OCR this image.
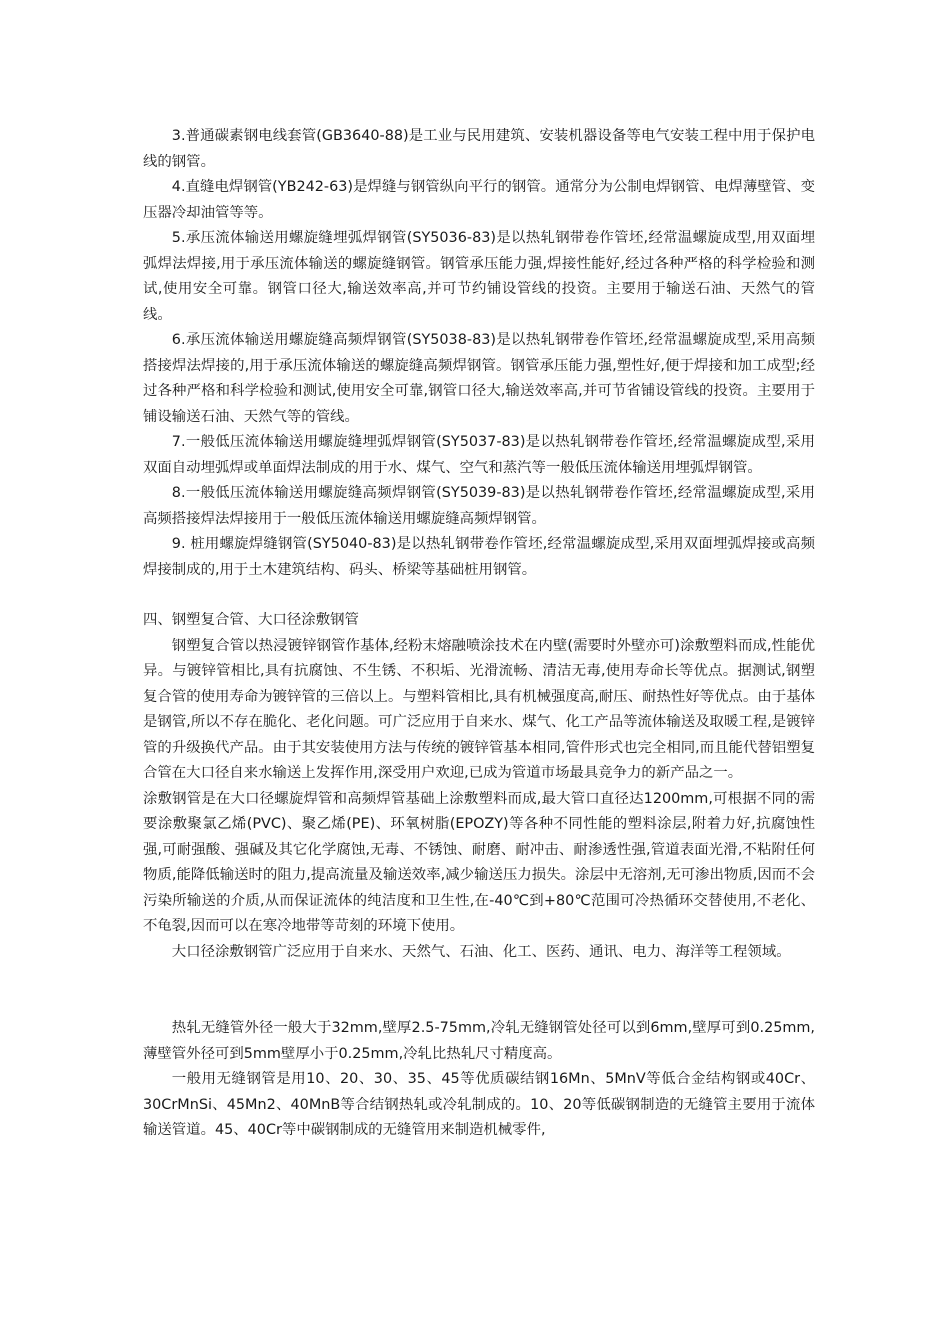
3.普通碳素钢电线套管(GB3640-88)是工业与民用建筑、安装机器设备等电气安装工程中用于保护电线的钢管。

4.直缝电焊钢管(YB242-63)是焊缝与钢管纵向平行的钢管。通常分为公制电焊钢管、电焊薄壁管、变压器冷却油管等等。

5.承压流体输送用螺旋缝埋弧焊钢管(SY5036-83)是以热轧钢带卷作管坯,经常温螺旋成型,用双面埋弧焊法焊接,用于承压流体输送的螺旋缝钢管。钢管承压能力强,焊接性能好,经过各种严格的科学检验和测试,使用安全可靠。钢管口径大,输送效率高,并可节约铺设管线的投资。主要用于输送石油、天然气的管线。

6.承压流体输送用螺旋缝高频焊钢管(SY5038-83)是以热轧钢带卷作管坯,经常温螺旋成型,采用高频搭接焊法焊接的,用于承压流体输送的螺旋缝高频焊钢管。钢管承压能力强,塑性好,便于焊接和加工成型;经过各种严格和科学检验和测试,使用安全可靠,钢管口径大,输送效率高,并可节省铺设管线的投资。主要用于铺设输送石油、天然气等的管线。

7.一般低压流体输送用螺旋缝埋弧焊钢管(SY5037-83)是以热轧钢带卷作管坯,经常温螺旋成型,采用双面自动埋弧焊或单面焊法制成的用于水、煤气、空气和蒸汽等一般低压流体输送用埋弧焊钢管。

8.一般低压流体输送用螺旋缝高频焊钢管(SY5039-83)是以热轧钢带卷作管坯,经常温螺旋成型,采用高频搭接焊法焊接用于一般低压流体输送用螺旋缝高频焊钢管。

9. 桩用螺旋焊缝钢管(SY5040-83)是以热轧钢带卷作管坯,经常温螺旋成型,采用双面埋弧焊接或高频焊接制成的,用于土木建筑结构、码头、桥梁等基础桩用钢管。

四、钢塑复合管、大口径涂敷钢管

钢塑复合管以热浸镀锌钢管作基体,经粉末熔融喷涂技术在内壁(需要时外壁亦可)涂敷塑料而成,性能优异。与镀锌管相比,具有抗腐蚀、不生锈、不积垢、光滑流畅、清洁无毒,使用寿命长等优点。据测试,钢塑复合管的使用寿命为镀锌管的三倍以上。与塑料管相比,具有机械强度高,耐压、耐热性好等优点。由于基体是钢管,所以不存在脆化、老化问题。可广泛应用于自来水、煤气、化工产品等流体输送及取暖工程,是镀锌管的升级换代产品。由于其安装使用方法与传统的镀锌管基本相同,管件形式也完全相同,而且能代替铝塑复合管在大口径自来水输送上发挥作用,深受用户欢迎,已成为管道市场最具竞争力的新产品之一。

涂敷钢管是在大口径螺旋焊管和高频焊管基础上涂敷塑料而成,最大管口直径达1200mm,可根据不同的需要涂敷聚氯乙烯(PVC)、聚乙烯(PE)、环氧树脂(EPOZY)等各种不同性能的塑料涂层,附着力好,抗腐蚀性强,可耐强酸、强碱及其它化学腐蚀,无毒、不锈蚀、耐磨、耐冲击、耐渗透性强,管道表面光滑,不粘附任何物质,能降低输送时的阻力,提高流量及输送效率,减少输送压力损失。涂层中无溶剂,无可渗出物质,因而不会污染所输送的介质,从而保证流体的纯洁度和卫生性,在-40℃到+80℃范围可冷热循环交替使用,不老化、不龟裂,因而可以在寒冷地带等苛刻的环境下使用。

大口径涂敷钢管广泛应用于自来水、天然气、石油、化工、医药、通讯、电力、海洋等工程领域。

热轧无缝管外径一般大于32mm,壁厚2.5-75mm,冷轧无缝钢管处径可以到6mm,壁厚可到0.25mm,薄壁管外径可到5mm壁厚小于0.25mm,冷轧比热轧尺寸精度高。

一般用无缝钢管是用10、20、30、35、45等优质碳结钢16Mn、5MnV等低合金结构钢或40Cr、30CrMnSi、45Mn2、40MnB等合结钢热轧或冷轧制成的。10、20等低碳钢制造的无缝管主要用于流体输送管道。45、40Cr等中碳钢制成的无缝管用来制造机械零件,
